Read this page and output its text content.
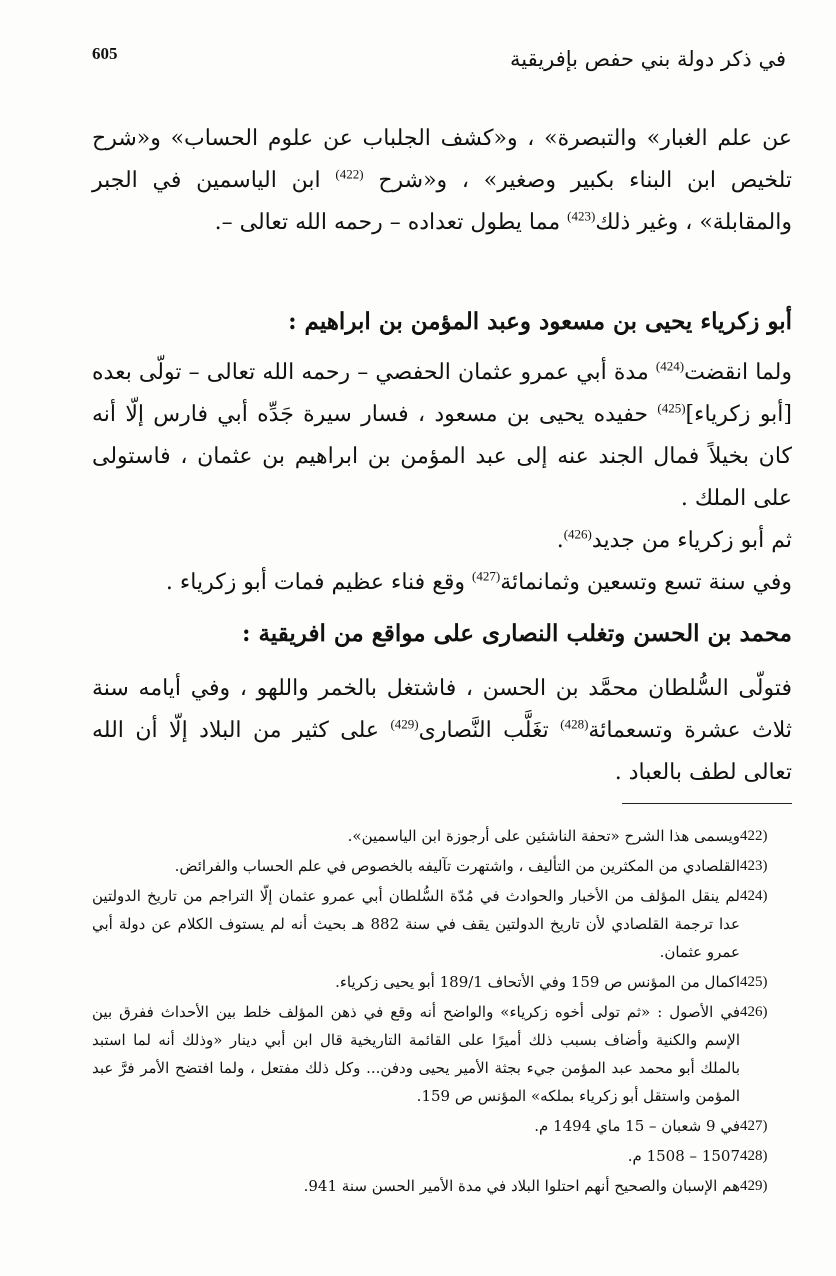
في ذكر دولة بني حفص بإفريقية
605

عن علم الغبار» والتبصرة» ، و«كشف الجلباب عن علوم الحساب» و«شرح تلخيص ابن البناء بكبير وصغير» ، و«شرح $^{(422)}$ ابن الياسمين في الجبر والمقابلة» ، وغير ذلك$^{(423)}$ مما يطول تعداده – رحمه الله تعالى –.

أبو زكرياء يحيى بن مسعود وعبد المؤمن بن ابراهيم :

ولما انقضت$^{(424)}$ مدة أبي عمرو عثمان الحفصي – رحمه الله تعالى – تولّى بعده [أبو زكرياء]$^{(425)}$ حفيده يحيى بن مسعود ، فسار سيرة جَدِّه أبي فارس إلّا أنه كان بخيلاً فمال الجند عنه إلى عبد المؤمن بن ابراهيم بن عثمان ، فاستولى على الملك .

ثم أبو زكرياء من جديد$^{(426)}$.

وفي سنة تسع وتسعين وثمانمائة$^{(427)}$ وقع فناء عظيم فمات أبو زكرياء .

محمد بن الحسن وتغلب النصارى على مواقع من افريقية :

فتولّى السُّلطان محمَّد بن الحسن ، فاشتغل بالخمر واللهو ، وفي أيامه سنة ثلاث عشرة وتسعمائة$^{(428)}$ تغَلَّب النَّصارى$^{(429)}$ على كثير من البلاد إلّا أن الله تعالى لطف بالعباد .

422)
ويسمى هذا الشرح «تحفة الناشئين على أرجوزة ابن الياسمين».
423)
القلصادي من المكثرين من التأليف ، واشتهرت تآليفه بالخصوص في علم الحساب والفرائض.
424)
لم ينقل المؤلف من الأخبار والحوادث في مُدّة السُّلطان أبي عمرو عثمان إلّا التراجم من تاريخ الدولتين عدا ترجمة القلصادي لأن تاريخ الدولتين يقف في سنة 882 هـ بحيث أنه لم يستوف الكلام عن دولة أبي عمرو عثمان.
425)
اكمال من المؤنس ص 159 وفي الأتحاف 189/1 أبو يحيى زكرياء.
426)
في الأصول : «ثم تولى أخوه زكرياء» والواضح أنه وقع في ذهن المؤلف خلط بين الأحداث ففرق بين الإسم والكنية وأضاف بسبب ذلك أميرًا على القائمة التاريخية قال ابن أبي دينار «وذلك أنه لما استبد بالملك أبو محمد عبد المؤمن جيء بجثة الأمير يحيى ودفن... وكل ذلك مفتعل ، ولما افتضح الأمر فرَّ عبد المؤمن واستقل أبو زكرياء بملكه» المؤنس ص 159.
427)
في 9 شعبان – 15 ماي 1494 م.
428)
1507 – 1508 م.
429)
هم الإسبان والصحيح أنهم احتلوا البلاد في مدة الأمير الحسن سنة 941.
